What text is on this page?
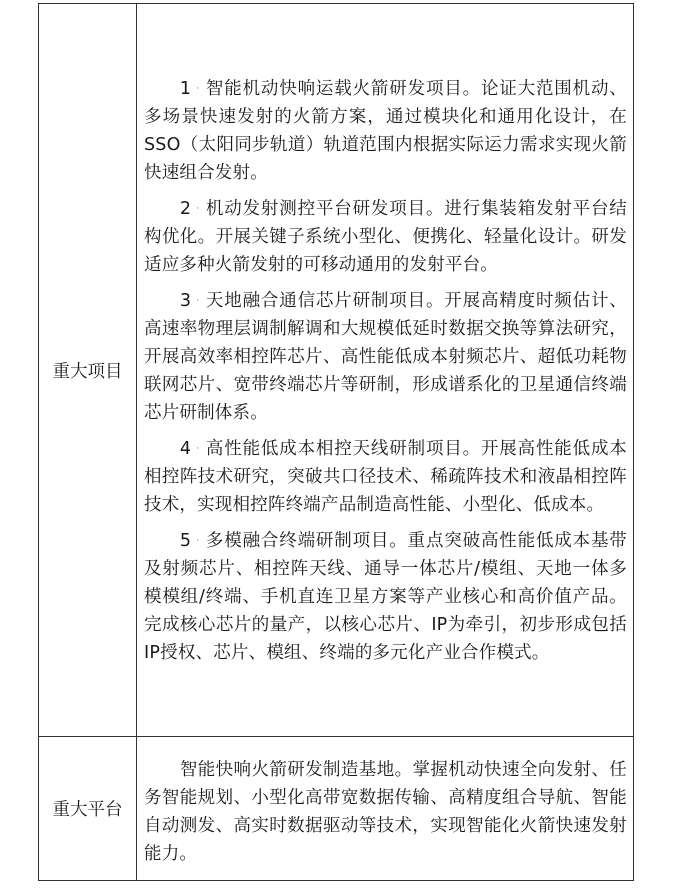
重大项目	1 · 智能机动快响运载火箭研发项目。论证大范围机动、多场景快速发射的火箭方案，通过模块化和通用化设计，在SSO（太阳同步轨道）轨道范围内根据实际运力需求实现火箭快速组合发射。

2 · 机动发射测控平台研发项目。进行集装箱发射平台结构优化。开展关键子系统小型化、便携化、轻量化设计。研发适应多种火箭发射的可移动通用的发射平台。

3 · 天地融合通信芯片研制项目。开展高精度时频估计、高速率物理层调制解调和大规模低延时数据交换等算法研究，开展高效率相控阵芯片、高性能低成本射频芯片、超低功耗物联网芯片、宽带终端芯片等研制，形成谱系化的卫星通信终端芯片研制体系。

4 · 高性能低成本相控天线研制项目。开展高性能低成本相控阵技术研究，突破共口径技术、稀疏阵技术和液晶相控阵技术，实现相控阵终端产品制造高性能、小型化、低成本。

5 · 多模融合终端研制项目。重点突破高性能低成本基带及射频芯片、相控阵天线、通导一体芯片/模组、天地一体多模模组/终端、手机直连卫星方案等产业核心和高价值产品。完成核心芯片的量产，以核心芯片、IP为牵引，初步形成包括IP授权、芯片、模组、终端的多元化产业合作模式。

重大平台	智能快响火箭研发制造基地。掌握机动快速全向发射、任务智能规划、小型化高带宽数据传输、高精度组合导航、智能自动测发、高实时数据驱动等技术，实现智能化火箭快速发射能力。
